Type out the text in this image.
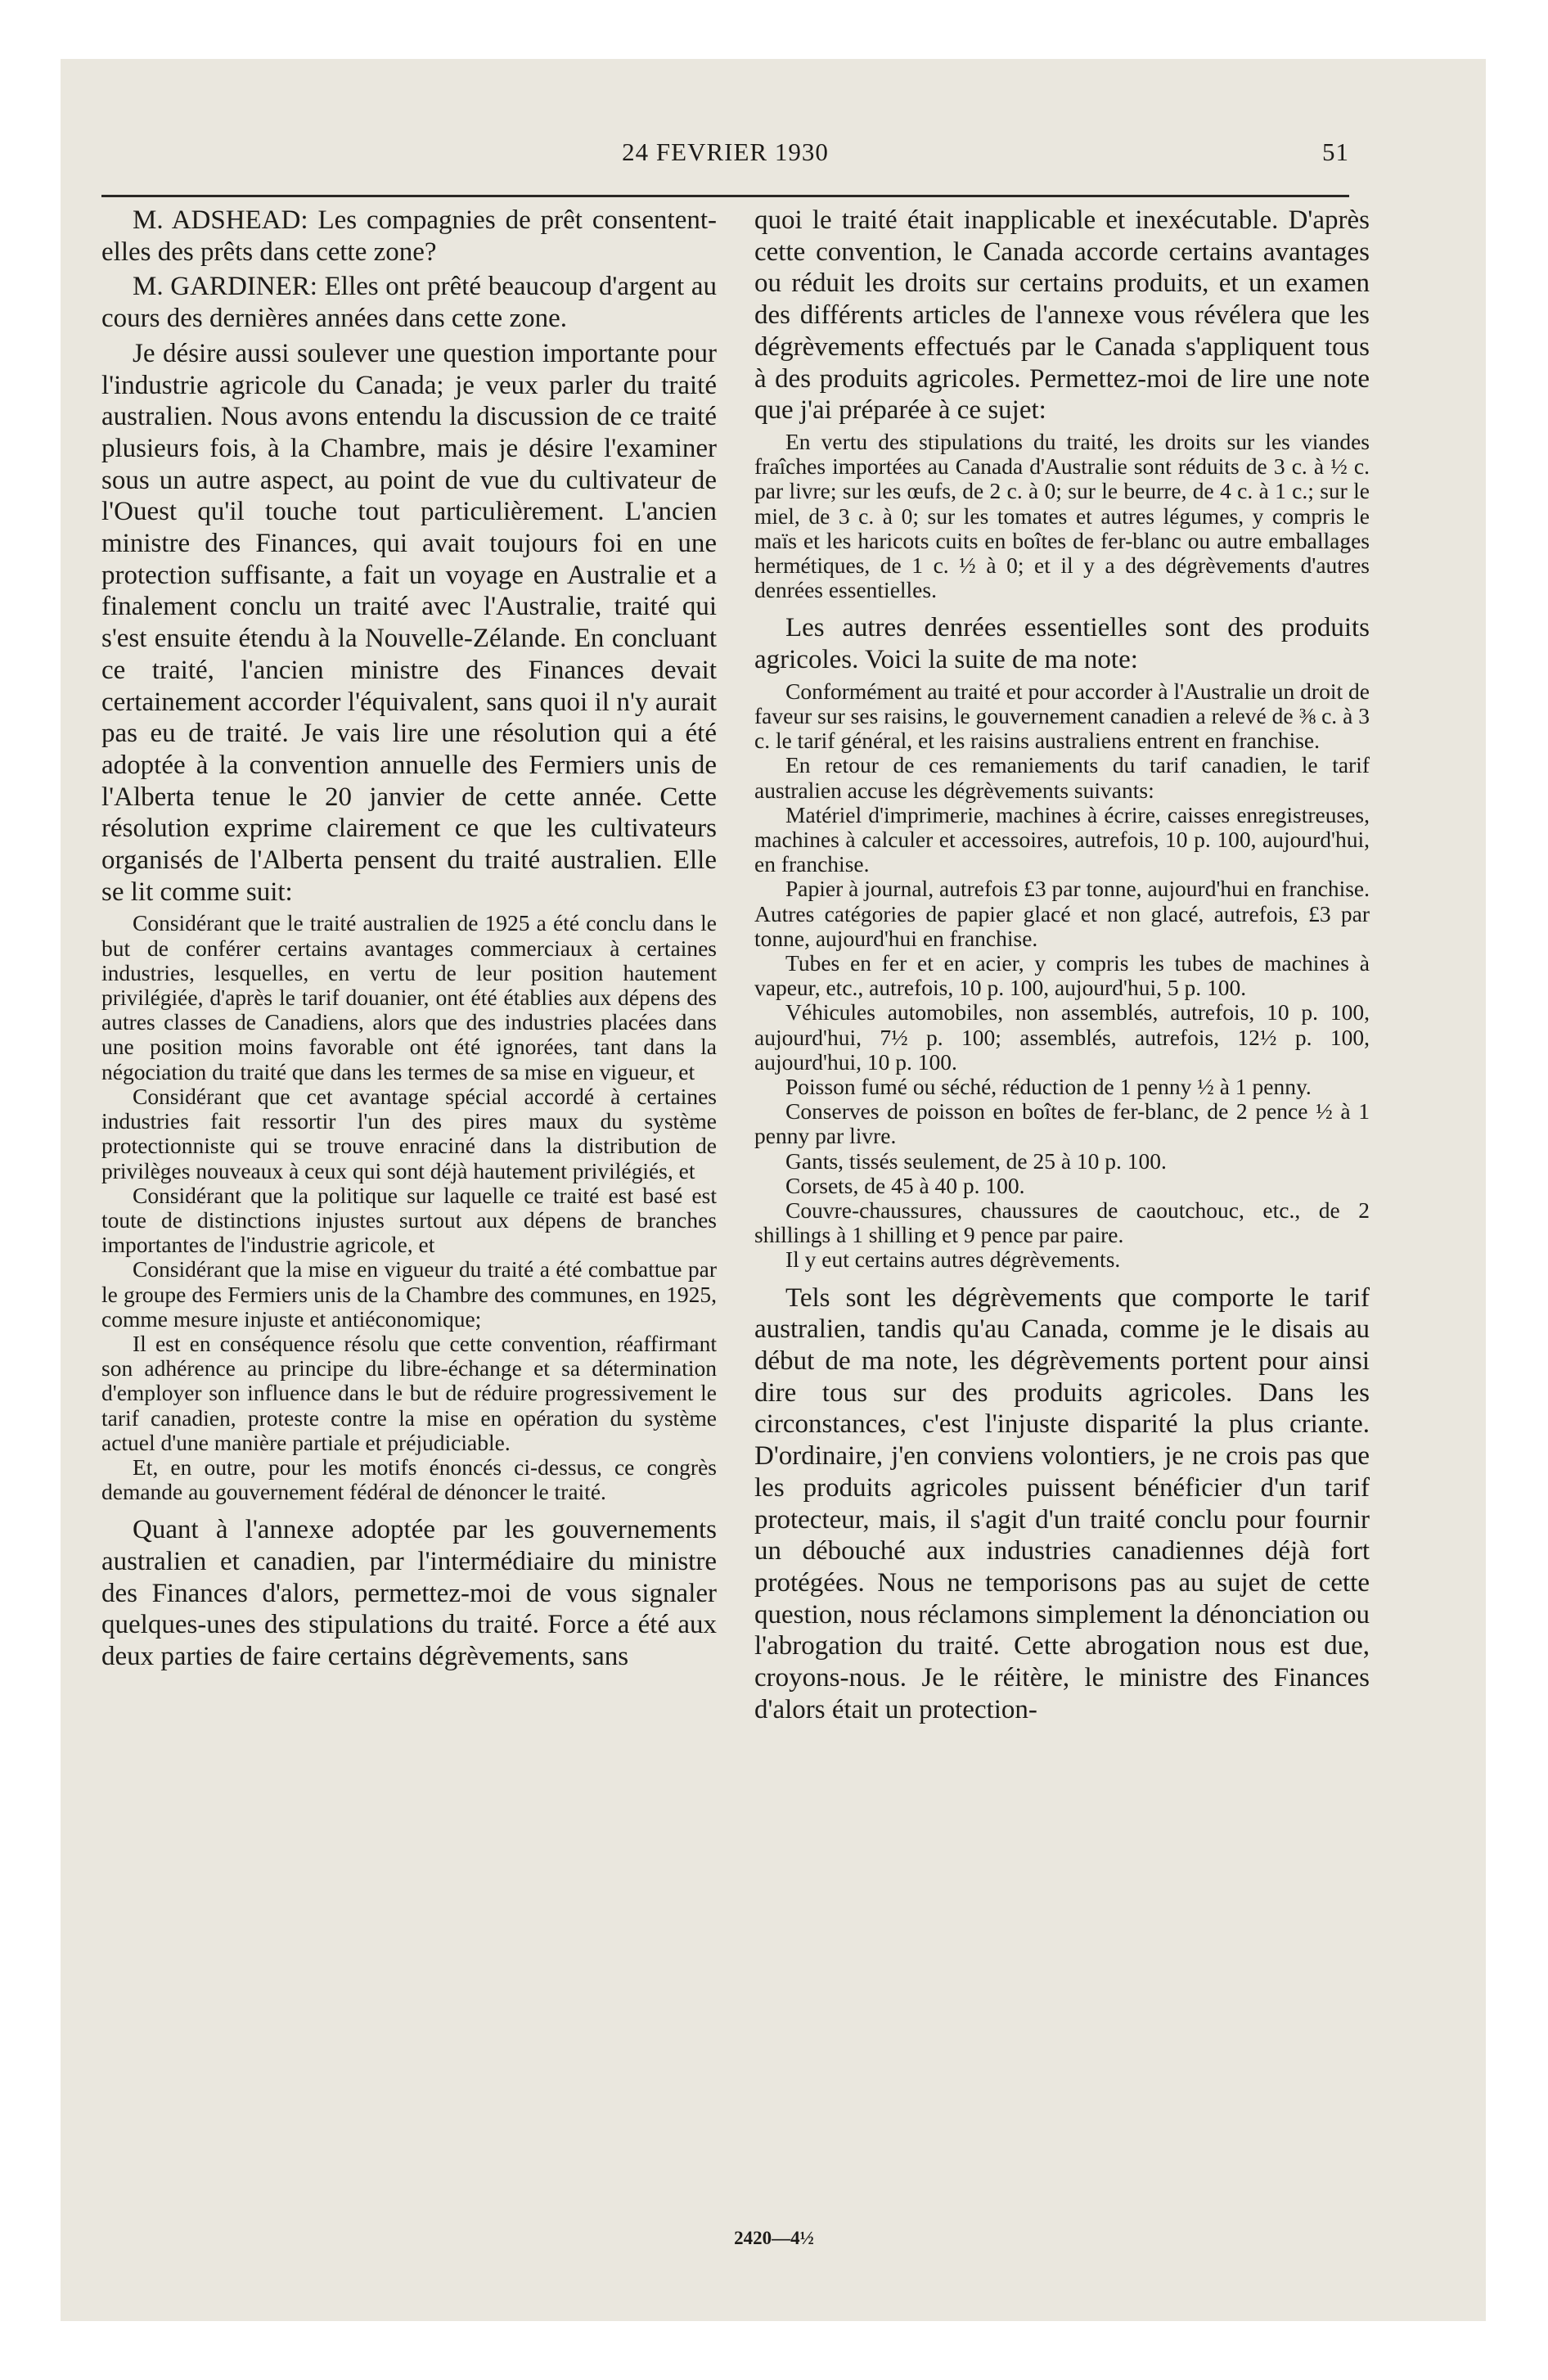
24 FEVRIER 1930	51

M. ADSHEAD: Les compagnies de prêt consentent-elles des prêts dans cette zone?

M. GARDINER: Elles ont prêté beaucoup d'argent au cours des dernières années dans cette zone.

Je désire aussi soulever une question importante pour l'industrie agricole du Canada; je veux parler du traité australien. Nous avons entendu la discussion de ce traité plusieurs fois, à la Chambre, mais je désire l'examiner sous un autre aspect, au point de vue du cultivateur de l'Ouest qu'il touche tout particulièrement. L'ancien ministre des Finances, qui avait toujours foi en une protection suffisante, a fait un voyage en Australie et a finalement conclu un traité avec l'Australie, traité qui s'est ensuite étendu à la Nouvelle-Zélande. En concluant ce traité, l'ancien ministre des Finances devait certainement accorder l'équivalent, sans quoi il n'y aurait pas eu de traité. Je vais lire une résolution qui a été adoptée à la convention annuelle des Fermiers unis de l'Alberta tenue le 20 janvier de cette année. Cette résolution exprime clairement ce que les cultivateurs organisés de l'Alberta pensent du traité australien. Elle se lit comme suit:

Considérant que le traité australien de 1925 a été conclu dans le but de conférer certains avantages commerciaux à certaines industries, lesquelles, en vertu de leur position hautement privilégiée, d'après le tarif douanier, ont été établies aux dépens des autres classes de Canadiens, alors que des industries placées dans une position moins favorable ont été ignorées, tant dans la négociation du traité que dans les termes de sa mise en vigueur, et

Considérant que cet avantage spécial accordé à certaines industries fait ressortir l'un des pires maux du système protectionniste qui se trouve enraciné dans la distribution de privilèges nouveaux à ceux qui sont déjà hautement privilégiés, et

Considérant que la politique sur laquelle ce traité est basé est toute de distinctions injustes surtout aux dépens de branches importantes de l'industrie agricole, et

Considérant que la mise en vigueur du traité a été combattue par le groupe des Fermiers unis de la Chambre des communes, en 1925, comme mesure injuste et antiéconomique;

Il est en conséquence résolu que cette convention, réaffirmant son adhérence au principe du libre-échange et sa détermination d'employer son influence dans le but de réduire progressivement le tarif canadien, proteste contre la mise en opération du système actuel d'une manière partiale et préjudiciable.

Et, en outre, pour les motifs énoncés ci-dessus, ce congrès demande au gouvernement fédéral de dénoncer le traité.

Quant à l'annexe adoptée par les gouvernements australien et canadien, par l'intermédiaire du ministre des Finances d'alors, permettez-moi de vous signaler quelques-unes des stipulations du traité. Force a été aux deux parties de faire certains dégrèvements, sans

quoi le traité était inapplicable et inexécutable. D'après cette convention, le Canada accorde certains avantages ou réduit les droits sur certains produits, et un examen des différents articles de l'annexe vous révélera que les dégrèvements effectués par le Canada s'appliquent tous à des produits agricoles. Permettez-moi de lire une note que j'ai préparée à ce sujet:

En vertu des stipulations du traité, les droits sur les viandes fraîches importées au Canada d'Australie sont réduits de 3 c. à ½ c. par livre; sur les œufs, de 2 c. à 0; sur le beurre, de 4 c. à 1 c.; sur le miel, de 3 c. à 0; sur les tomates et autres légumes, y compris le maïs et les haricots cuits en boîtes de fer-blanc ou autre emballages hermétiques, de 1 c. ½ à 0; et il y a des dégrèvements d'autres denrées essentielles.

Les autres denrées essentielles sont des produits agricoles. Voici la suite de ma note:

Conformément au traité et pour accorder à l'Australie un droit de faveur sur ses raisins, le gouvernement canadien a relevé de ⅜ c. à 3 c. le tarif général, et les raisins australiens entrent en franchise.

En retour de ces remaniements du tarif canadien, le tarif australien accuse les dégrèvements suivants:

Matériel d'imprimerie, machines à écrire, caisses enregistreuses, machines à calculer et accessoires, autrefois, 10 p. 100, aujourd'hui, en franchise.

Papier à journal, autrefois £3 par tonne, aujourd'hui en franchise. Autres catégories de papier glacé et non glacé, autrefois, £3 par tonne, aujourd'hui en franchise.

Tubes en fer et en acier, y compris les tubes de machines à vapeur, etc., autrefois, 10 p. 100, aujourd'hui, 5 p. 100.

Véhicules automobiles, non assemblés, autrefois, 10 p. 100, aujourd'hui, 7½ p. 100; assemblés, autrefois, 12½ p. 100, aujourd'hui, 10 p. 100.

Poisson fumé ou séché, réduction de 1 penny ½ à 1 penny.

Conserves de poisson en boîtes de fer-blanc, de 2 pence ½ à 1 penny par livre.

Gants, tissés seulement, de 25 à 10 p. 100.

Corsets, de 45 à 40 p. 100.

Couvre-chaussures, chaussures de caoutchouc, etc., de 2 shillings à 1 shilling et 9 pence par paire.

Il y eut certains autres dégrèvements.

Tels sont les dégrèvements que comporte le tarif australien, tandis qu'au Canada, comme je le disais au début de ma note, les dégrèvements portent pour ainsi dire tous sur des produits agricoles. Dans les circonstances, c'est l'injuste disparité la plus criante. D'ordinaire, j'en conviens volontiers, je ne crois pas que les produits agricoles puissent bénéficier d'un tarif protecteur, mais, il s'agit d'un traité conclu pour fournir un débouché aux industries canadiennes déjà fort protégées. Nous ne temporisons pas au sujet de cette question, nous réclamons simplement la dénonciation ou l'abrogation du traité. Cette abrogation nous est due, croyons-nous. Je le réitère, le ministre des Finances d'alors était un protection-

2420—4½
